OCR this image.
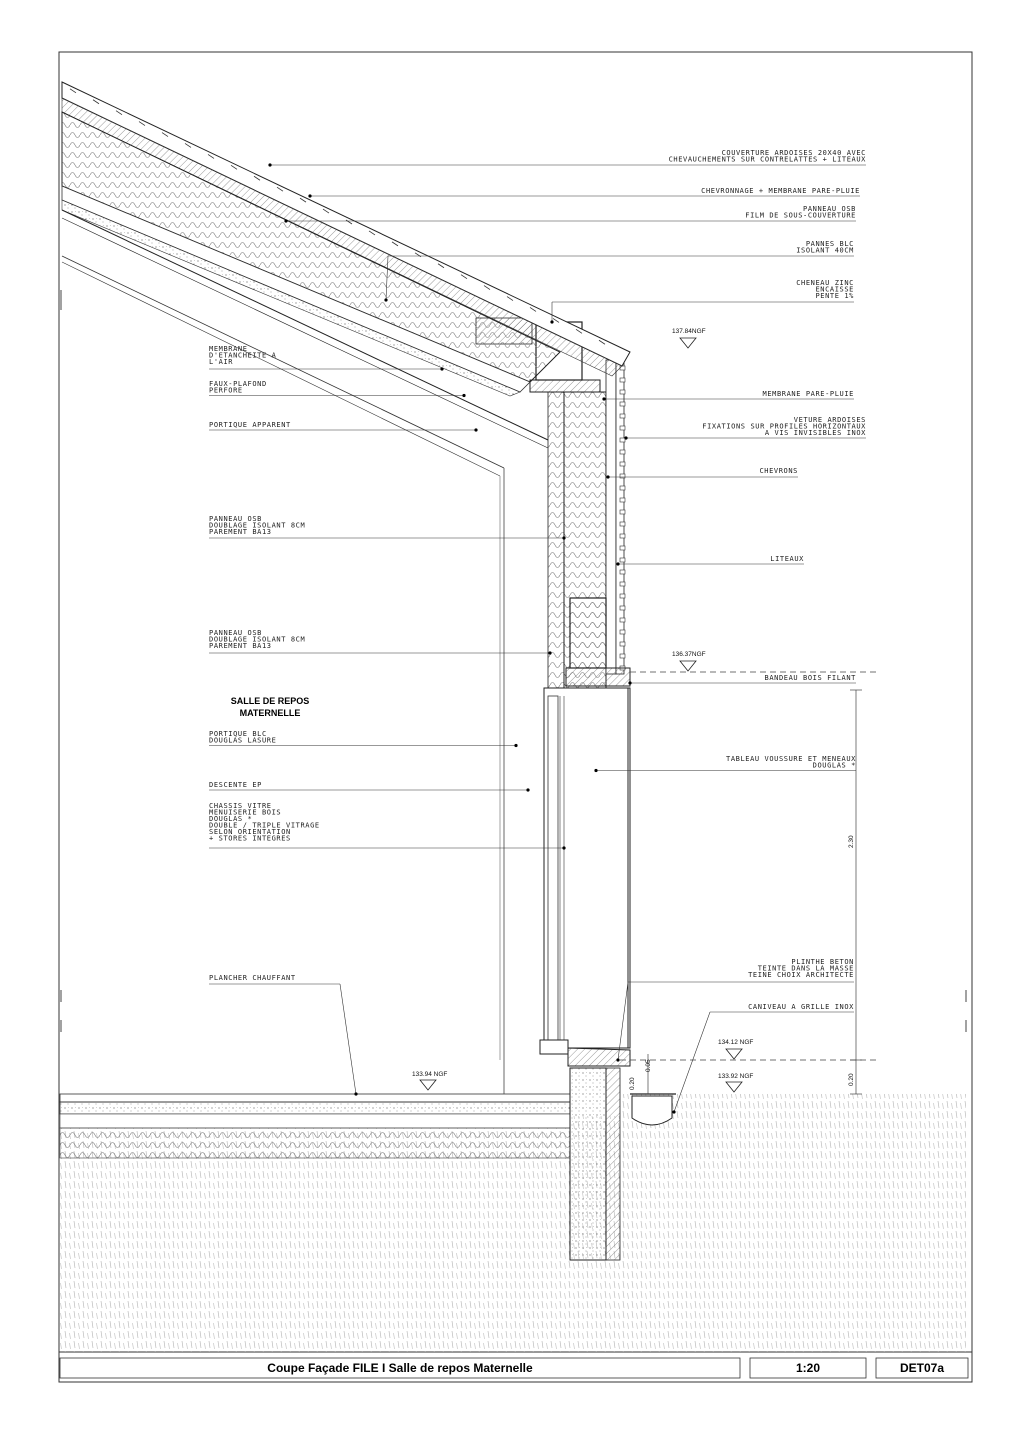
2.30
0.20
0.20
0.05
137.84NGF
136.37NGF
134.12 NGF
133.92 NGF
133.94 NGF
SALLE DE REPOS
MATERNELLE
COUVERTURE ARDOISES 20X40 AVEC
CHEVAUCHEMENTS SUR CONTRELATTES + LITEAUX
CHEVRONNAGE + MEMBRANE PARE-PLUIE
PANNEAU OSB
FILM DE SOUS-COUVERTURE
PANNES BLC
ISOLANT 40CM
CHENEAU ZINC
ENCAISSE
PENTE 1%
MEMBRANE PARE-PLUIE
VETURE ARDOISES
FIXATIONS SUR PROFILES HORIZONTAUX
A VIS INVISIBLES INOX
CHEVRONS
LITEAUX
BANDEAU BOIS FILANT
TABLEAU VOUSSURE ET MENEAUX
DOUGLAS *
PLINTHE BETON
TEINTE DANS LA MASSE
TEINE CHOIX ARCHITECTE
CANIVEAU A GRILLE INOX
MEMBRANE
D'ETANCHEITE A
L'AIR
FAUX-PLAFOND
PERFORE
PORTIQUE APPARENT
PANNEAU OSB
DOUBLAGE ISOLANT 8CM
PAREMENT BA13
PANNEAU OSB
DOUBLAGE ISOLANT 8CM
PAREMENT BA13
PORTIQUE BLC
DOUGLAS LASURE
DESCENTE EP
CHASSIS VITRE
MENUISERIE BOIS
DOUGLAS *
DOUBLE / TRIPLE VITRAGE
SELON ORIENTATION
+ STORES INTEGRES
PLANCHER CHAUFFANT
Coupe Façade FILE I Salle de repos Maternelle	1:20	DET07a
